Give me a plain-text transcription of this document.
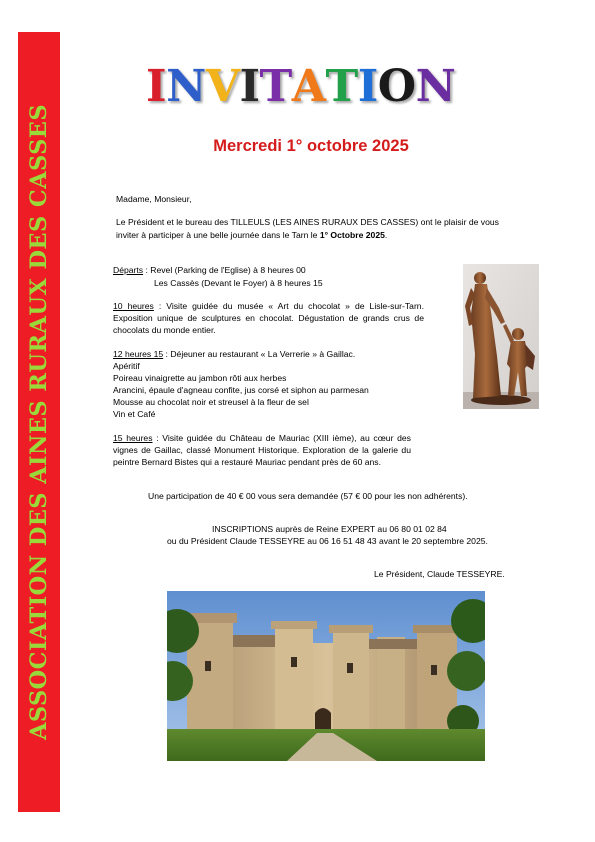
ASSOCIATION DES AINES RURAUX DES CASSES
INVITATION
Mercredi 1° octobre 2025
Madame, Monsieur,
Le Président et le bureau des TILLEULS (LES AINES RURAUX DES CASSES) ont le plaisir de vous
inviter à participer à une belle journée dans le Tarn le 1° Octobre 2025.
Départs : Revel (Parking de l'Eglise) à 8 heures 00
Les Cassès (Devant le Foyer) à 8 heures 15
10 heures : Visite guidée du musée « Art du chocolat » de Lisle-sur-Tarn. Exposition unique de sculptures en chocolat. Dégustation de grands crus de chocolats du monde entier.
12 heures 15 : Déjeuner au restaurant « La Verrerie » à Gaillac.
Apéritif
Poireau vinaigrette au jambon rôti aux herbes
Arancini, épaule d'agneau confite, jus corsé et siphon au parmesan
Mousse au chocolat noir et streusel à la fleur de sel
Vin et Café
15 heures : Visite guidée du Château de Mauriac (XIII ième), au cœur des vignes de Gaillac, classé Monument Historique. Exploration de la galerie du peintre Bernard Bistes qui a restauré Mauriac pendant près de 60 ans.
Une participation de 40 € 00 vous sera demandée (57 € 00 pour les non adhérents).
INSCRIPTIONS auprès de Reine EXPERT au 06 80 01 02 84
ou du Président Claude TESSEYRE au 06 16 51 48 43 avant le 20 septembre 2025.
Le Président, Claude TESSEYRE.
